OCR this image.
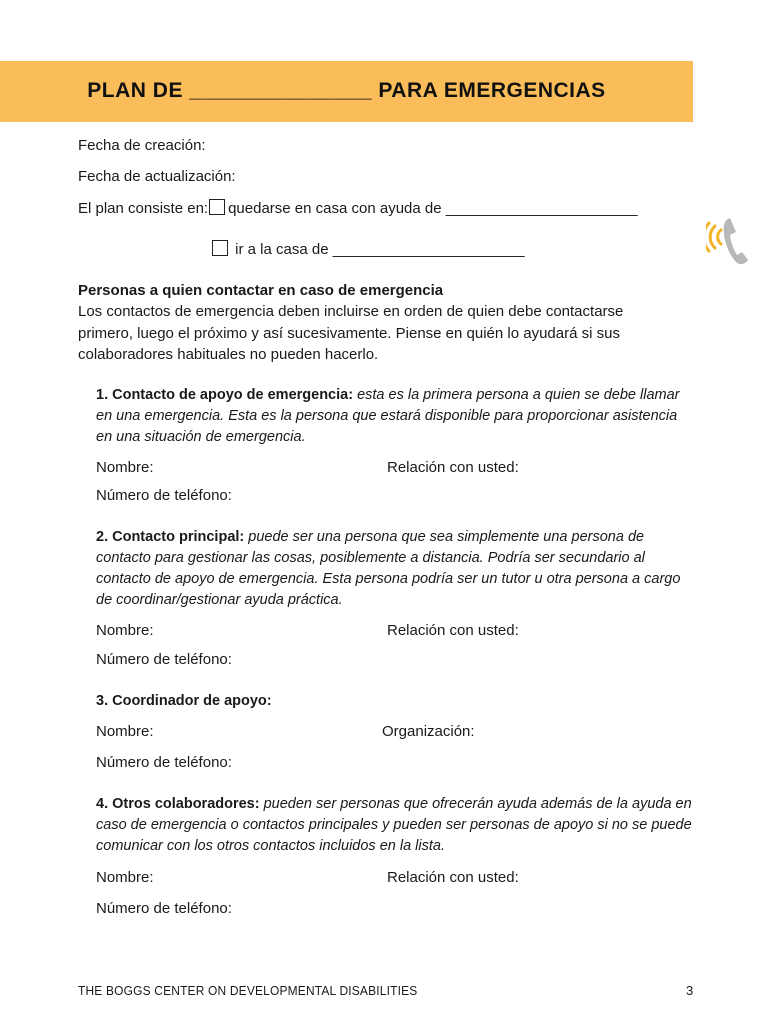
PLAN DE _______________ PARA EMERGENCIAS
Fecha de creación:
Fecha de actualización:
El plan consiste en: quedarse en casa con ayuda de _______________________
ir a la casa de _______________________
Personas a quien contactar en caso de emergencia
Los contactos de emergencia deben incluirse en orden de quien debe contactarse
primero, luego el próximo y así sucesivamente. Piense en quién lo ayudará si sus
colaboradores habituales no pueden hacerlo.
1. Contacto de apoyo de emergencia: esta es la primera persona a quien se debe llamar en una emergencia. Esta es la persona que estará disponible para proporcionar asistencia en una situación de emergencia.
Nombre:	Relación con usted:
Número de teléfono:
2. Contacto principal: puede ser una persona que sea simplemente una persona de contacto para gestionar las cosas, posiblemente a distancia. Podría ser secundario al contacto de apoyo de emergencia. Esta persona podría ser un tutor u otra persona a cargo de coordinar/gestionar ayuda práctica.
Nombre:	Relación con usted:
Número de teléfono:
3. Coordinador de apoyo:
Nombre:	Organización:
Número de teléfono:
4. Otros colaboradores: pueden ser personas que ofrecerán ayuda además de la ayuda en caso de emergencia o contactos principales y pueden ser personas de apoyo si no se puede comunicar con los otros contactos incluidos en la lista.
Nombre:	Relación con usted:
Número de teléfono:
THE BOGGS CENTER ON DEVELOPMENTAL DISABILITIES	3
